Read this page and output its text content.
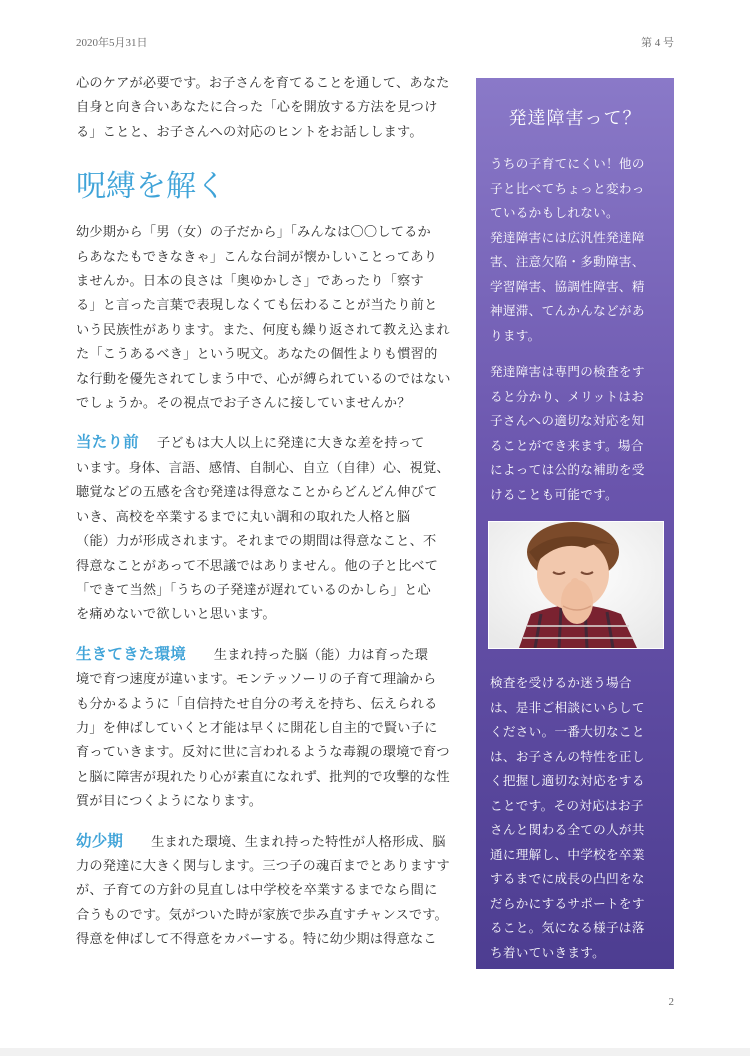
2020年5月31日	第 4 号

心のケアが必要です。お子さんを育てることを通して、あなた

自身と向き合いあなたに合った「心を開放する方法を見つけ

る」ことと、お子さんへの対応のヒントをお話しします。

呪縛を解く

幼少期から「男（女）の子だから」「みんなは〇〇してるか

らあなたもできなきゃ」こんな台詞が懐かしいことってあり

ませんか。日本の良さは「奥ゆかしさ」であったり「察す

る」と言った言葉で表現しなくても伝わることが当たり前と

いう民族性があります。また、何度も繰り返されて教え込まれ

た「こうあるべき」という呪文。あなたの個性よりも慣習的

な行動を優先されてしまう中で、心が縛られているのではない

でしょうか。その視点でお子さんに接していませんか？

当たり前 子どもは大人以上に発達に大きな差を持って

います。身体、言語、感情、自制心、自立（自律）心、視覚、

聴覚などの五感を含む発達は得意なことからどんどん伸びて

いき、高校を卒業するまでに丸い調和の取れた人格と脳

（能）力が形成されます。それまでの期間は得意なこと、不

得意なことがあって不思議ではありません。他の子と比べて

「できて当然」「うちの子発達が遅れているのかしら」と心

を痛めないで欲しいと思います。

生きてきた環境 生まれ持った脳（能）力は育った環

境で育つ速度が違います。モンテッソーリの子育て理論から

も分かるように「自信持たせ自分の考えを持ち、伝えられる

力」を伸ばしていくと才能は早くに開花し自主的で賢い子に

育っていきます。反対に世に言われるような毒親の環境で育つ

と脳に障害が現れたり心が素直になれず、批判的で攻撃的な性

質が目につくようになります。

幼少期 生まれた環境、生まれ持った特性が人格形成、脳

力の発達に大きく関与します。三つ子の魂百までとありますす

が、子育ての方針の見直しは中学校を卒業するまでなら間に

合うものです。気がついた時が家族で歩み直すチャンスです。

得意を伸ばして不得意をカバーする。特に幼少期は得意なこ

発達障害って？

うちの子育てにくい！他の

子と比べてちょっと変わっ

ているかもしれない。

発達障害には広汎性発達障

害、注意欠陥・多動障害、

学習障害、協調性障害、精

神遅滞、てんかんなどがあ

ります。

発達障害は専門の検査をす

ると分かり、メリットはお

子さんへの適切な対応を知

ることができ来ます。場合

によっては公的な補助を受

けることも可能です。

検査を受けるか迷う場合

は、是非ご相談にいらして

ください。一番大切なこと

は、お子さんの特性を正し

く把握し適切な対応をする

ことです。その対応はお子

さんと関わる全ての人が共

通に理解し、中学校を卒業

するまでに成長の凸凹をな

だらかにするサポートをす

ること。気になる様子は落

ち着いていきます。

2
